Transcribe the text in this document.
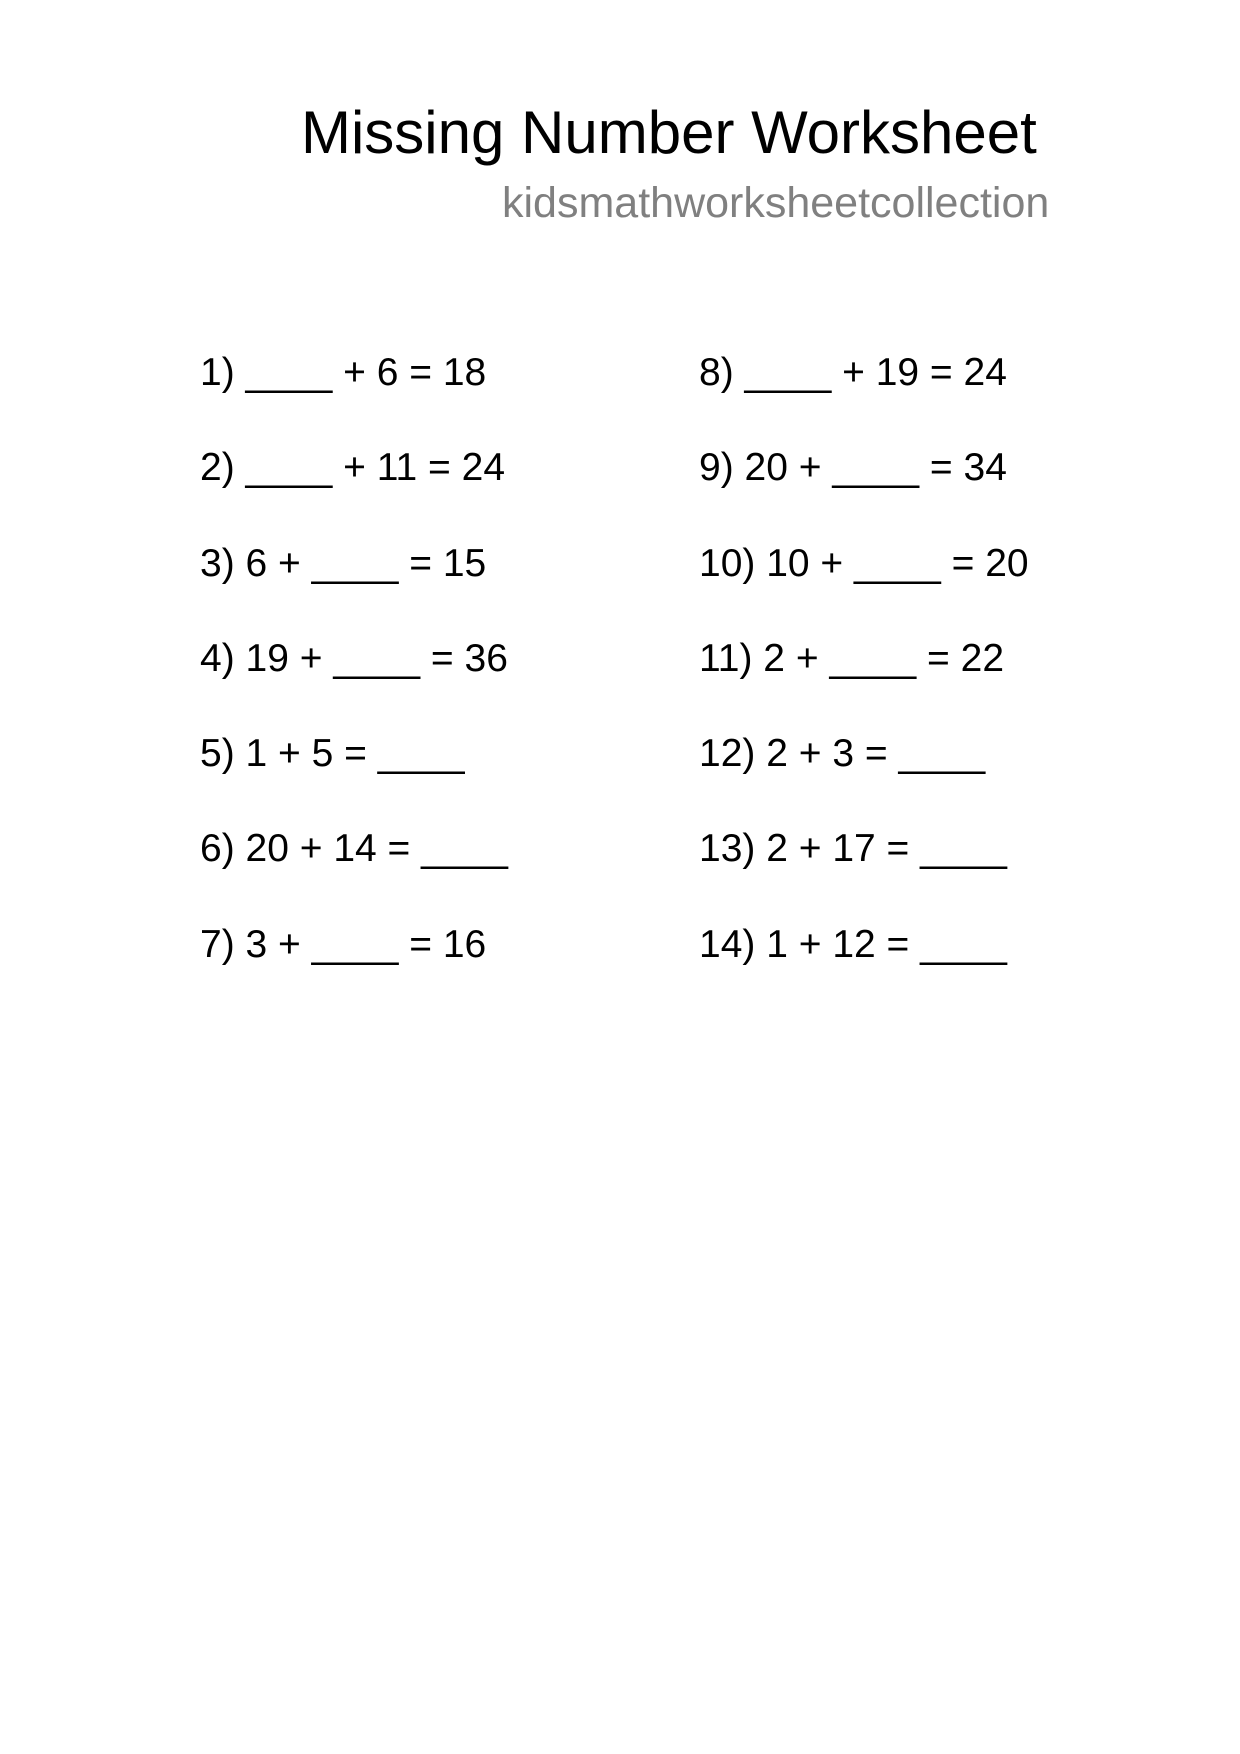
Missing Number Worksheet
kidsmathworksheetcollection
1) ____ + 6 = 18
2) ____ + 11 = 24
3) 6 + ____ = 15
4) 19 + ____ = 36
5) 1 + 5 = ____
6) 20 + 14 = ____
7) 3 + ____ = 16
8) ____ + 19 = 24
9) 20 + ____ = 34
10) 10 + ____ = 20
11) 2 + ____ = 22
12) 2 + 3 = ____
13) 2 + 17 = ____
14) 1 + 12 = ____
